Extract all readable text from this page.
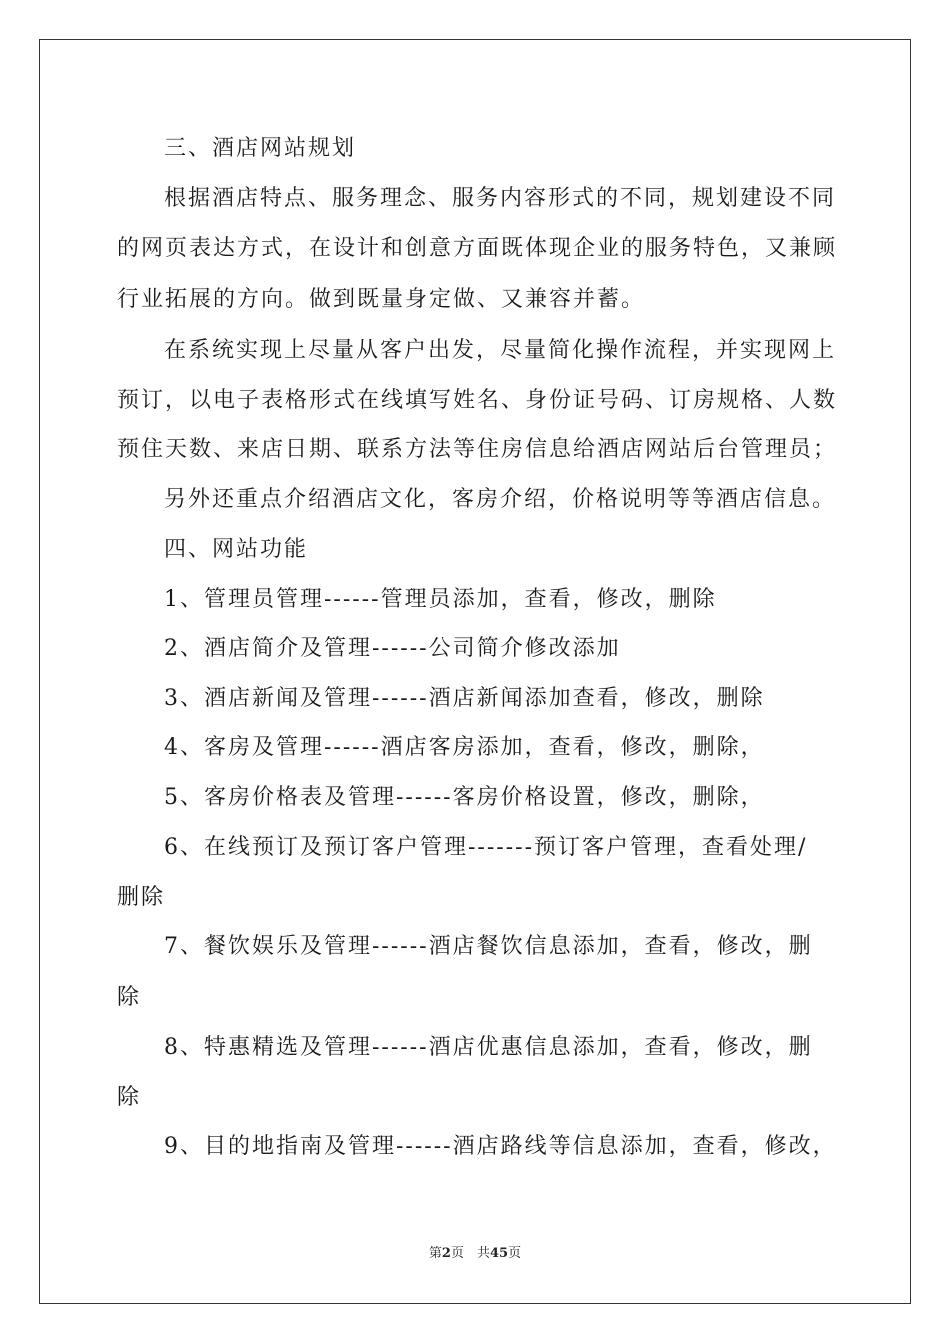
三、酒店网站规划
根据酒店特点、服务理念、服务内容形式的不同，规划建设不同
的网页表达方式，在设计和创意方面既体现企业的服务特色，又兼顾
行业拓展的方向。做到既量身定做、又兼容并蓄。
在系统实现上尽量从客户出发，尽量简化操作流程，并实现网上
预订，以电子表格形式在线填写姓名、身份证号码、订房规格、人数
预住天数、来店日期、联系方法等住房信息给酒店网站后台管理员；
另外还重点介绍酒店文化，客房介绍，价格说明等等酒店信息。
四、网站功能
1、管理员管理------管理员添加，查看，修改，删除
2、酒店简介及管理------公司简介修改添加
3、酒店新闻及管理------酒店新闻添加查看，修改，删除
4、客房及管理------酒店客房添加，查看，修改，删除，
5、客房价格表及管理------客房价格设置，修改，删除，
6、在线预订及预订客户管理-------预订客户管理，查看处理/
删除
7、餐饮娱乐及管理------酒店餐饮信息添加，查看，修改，删
除
8、特惠精选及管理------酒店优惠信息添加，查看，修改，删
除
9、目的地指南及管理------酒店路线等信息添加，查看，修改，
第2页　共45页
